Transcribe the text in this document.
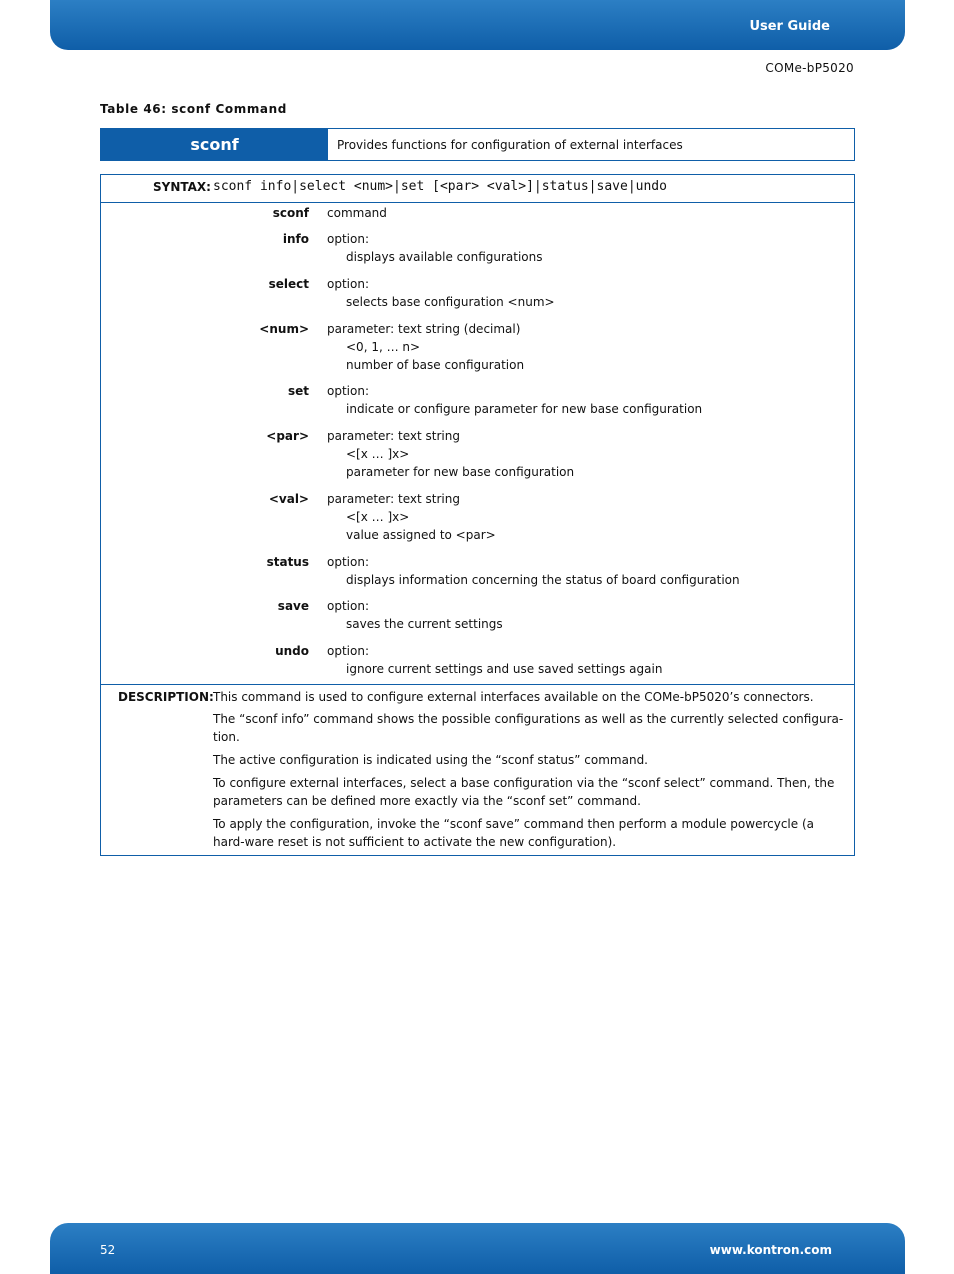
User Guide
COMe-bP5020
Table 46: sconf Command
sconf	Provides functions for configuration of external interfaces
SYNTAX: sconf info|select <num>|set [<par> <val>]|status|save|undo
sconf command
info option:
displays available configurations
select option:
selects base configuration <num>
<num> parameter: text string (decimal)
<0, 1, … n>
number of base configuration
set option:
indicate or configure parameter for new base configuration
<par> parameter: text string
<[x … ]x>
parameter for new base configuration
<val> parameter: text string
<[x … ]x>
value assigned to <par>
status option:
displays information concerning the status of board configuration
save option:
saves the current settings
undo option:
ignore current settings and use saved settings again
DESCRIPTION: This command is used to configure external interfaces available on the COMe-bP5020’s connectors.
The “sconf info” command shows the possible configurations as well as the currently selected configura-tion.
The active configuration is indicated using the “sconf status” command.
To configure external interfaces, select a base configuration via the “sconf select” command. Then, the parameters can be defined more exactly via the “sconf set” command.
To apply the configuration, invoke the “sconf save” command then perform a module powercycle (a hard-ware reset is not sufficient to activate the new configuration).
52	www.kontron.com
